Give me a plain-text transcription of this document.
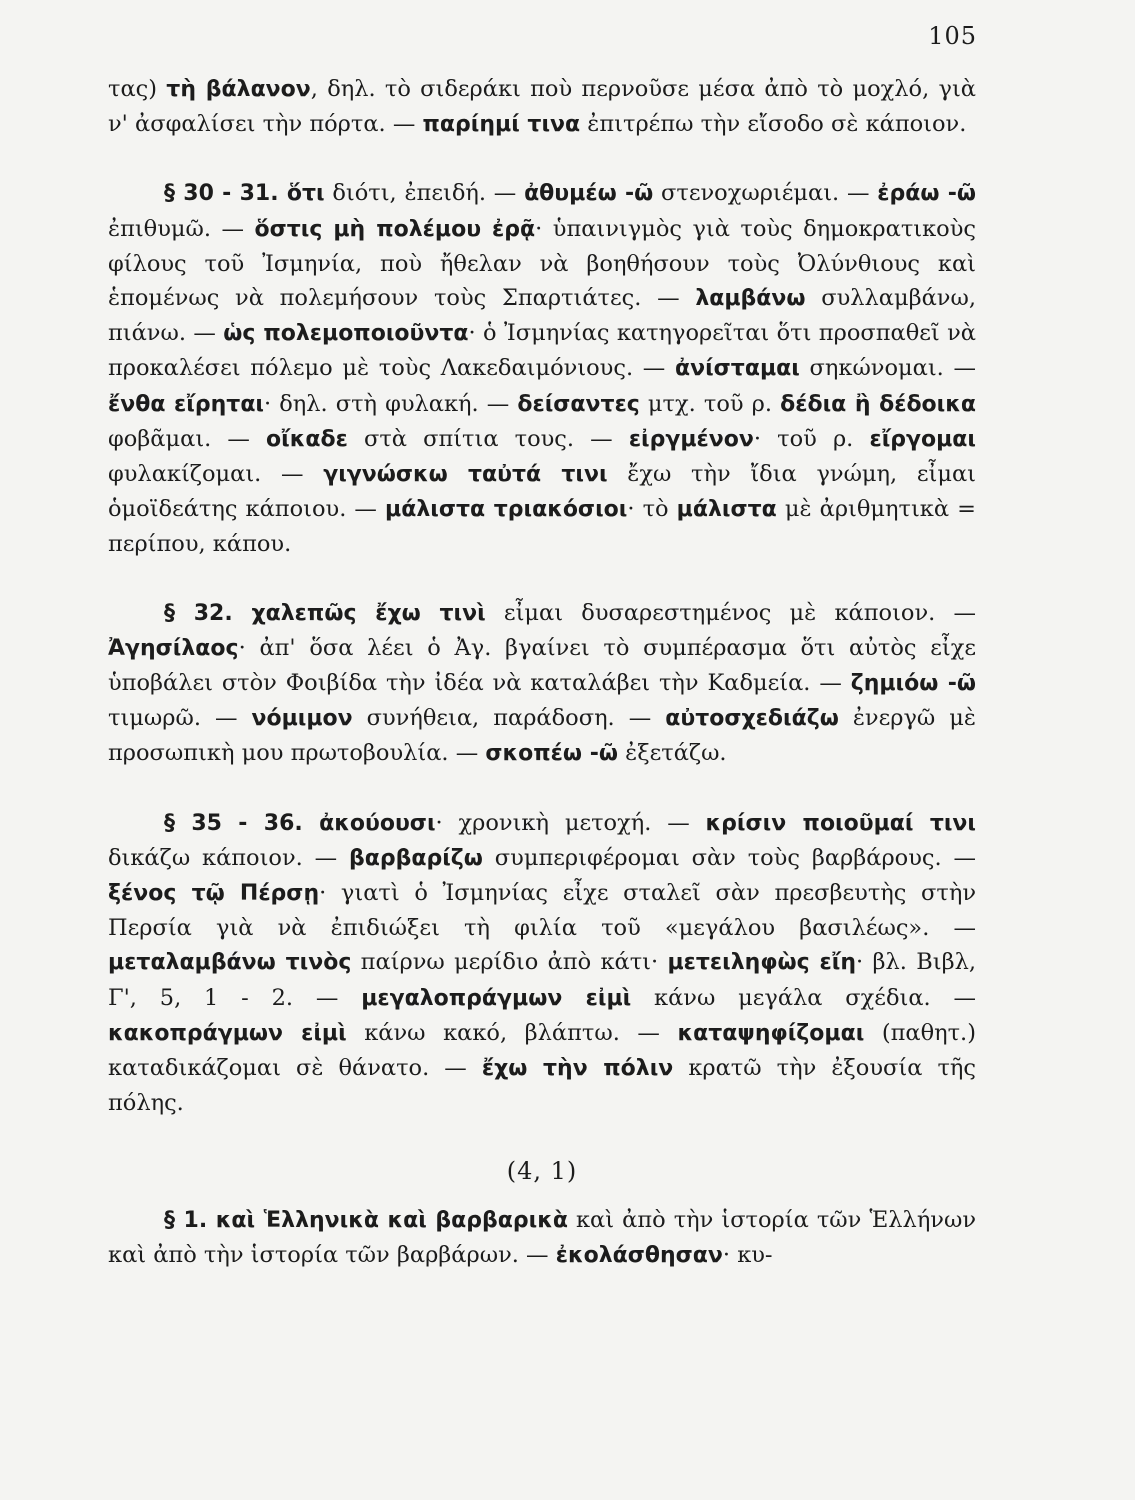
105

τας) τὴ βάλανον, δηλ. τὸ σιδεράκι ποὺ περνοῦσε μέσα ἀπὸ τὸ μοχλό, γιὰ ν' ἀσφαλίσει τὴν πόρτα. — παρίημί τινα ἐπιτρέπω τὴν εἴσοδο σὲ κάποιον.

§ 30 - 31. ὅτι διότι, ἐπειδή. — ἀθυμέω -ῶ στενοχωριέμαι. — ἐράω -ῶ ἐπιθυμῶ. — ὅστις μὴ πολέμου ἐρᾷ· ὑπαινιγμὸς γιὰ τοὺς δημοκρατικοὺς φίλους τοῦ Ἰσμηνία, ποὺ ἤθελαν νὰ βοηθήσουν τοὺς Ὀλύνθιους καὶ ἑπομένως νὰ πολεμήσουν τοὺς Σπαρτιάτες. — λαμβάνω συλλαμβάνω, πιάνω. — ὡς πολεμοποιοῦντα· ὁ Ἰσμηνίας κατηγορεῖται ὅτι προσπαθεῖ νὰ προκαλέσει πόλεμο μὲ τοὺς Λακεδαιμόνιους. — ἀνίσταμαι σηκώνομαι. — ἔνθα εἴρηται· δηλ. στὴ φυλακή. — δείσαντες μτχ. τοῦ ρ. δέδια ἢ δέδοικα φοβᾶμαι. — οἴκαδε στὰ σπίτια τους. — εἰργμένον· τοῦ ρ. εἴργομαι φυλακίζομαι. — γιγνώσκω ταὐτά τινι ἔχω τὴν ἴδια γνώμη, εἶμαι ὁμοϊδεάτης κάποιου. — μάλιστα τριακόσιοι· τὸ μάλιστα μὲ ἀριθμητικὰ = περίπου, κάπου.

§ 32. χαλεπῶς ἔχω τινὶ εἶμαι δυσαρεστημένος μὲ κάποιον. — Ἀγησίλαος· ἀπ' ὅσα λέει ὁ Ἀγ. βγαίνει τὸ συμπέρασμα ὅτι αὐτὸς εἶχε ὑποβάλει στὸν Φοιβίδα τὴν ἰδέα νὰ καταλάβει τὴν Καδμεία. — ζημιόω -ῶ τιμωρῶ. — νόμιμον συνήθεια, παράδοση. — αὐτοσχεδιάζω ἐνεργῶ μὲ προσωπικὴ μου πρωτοβουλία. — σκοπέω -ῶ ἐξετάζω.

§ 35 - 36. ἀκούουσι· χρονικὴ μετοχή. — κρίσιν ποιοῦμαί τινι δικάζω κάποιον. — βαρβαρίζω συμπεριφέρομαι σὰν τοὺς βαρβάρους. — ξένος τῷ Πέρσῃ· γιατὶ ὁ Ἰσμηνίας εἶχε σταλεῖ σὰν πρεσβευτὴς στὴν Περσία γιὰ νὰ ἐπιδιώξει τὴ φιλία τοῦ «μεγάλου βασιλέως». — μεταλαμβάνω τινὸς παίρνω μερίδιο ἀπὸ κάτι· μετειληφὼς εἴη· βλ. Βιβλ, Γ', 5, 1 - 2. — μεγαλοπράγμων εἰμὶ κάνω μεγάλα σχέδια. — κακοπράγμων εἰμὶ κάνω κακό, βλάπτω. — καταψηφίζομαι (παθητ.) καταδικάζομαι σὲ θάνατο. — ἔχω τὴν πόλιν κρατῶ τὴν ἐξουσία τῆς πόλης.

(4, 1)

§ 1. καὶ Ἑλληνικὰ καὶ βαρβαρικὰ καὶ ἀπὸ τὴν ἱστορία τῶν Ἑλλήνων καὶ ἀπὸ τὴν ἱστορία τῶν βαρβάρων. — ἐκολάσθησαν· κυ-
